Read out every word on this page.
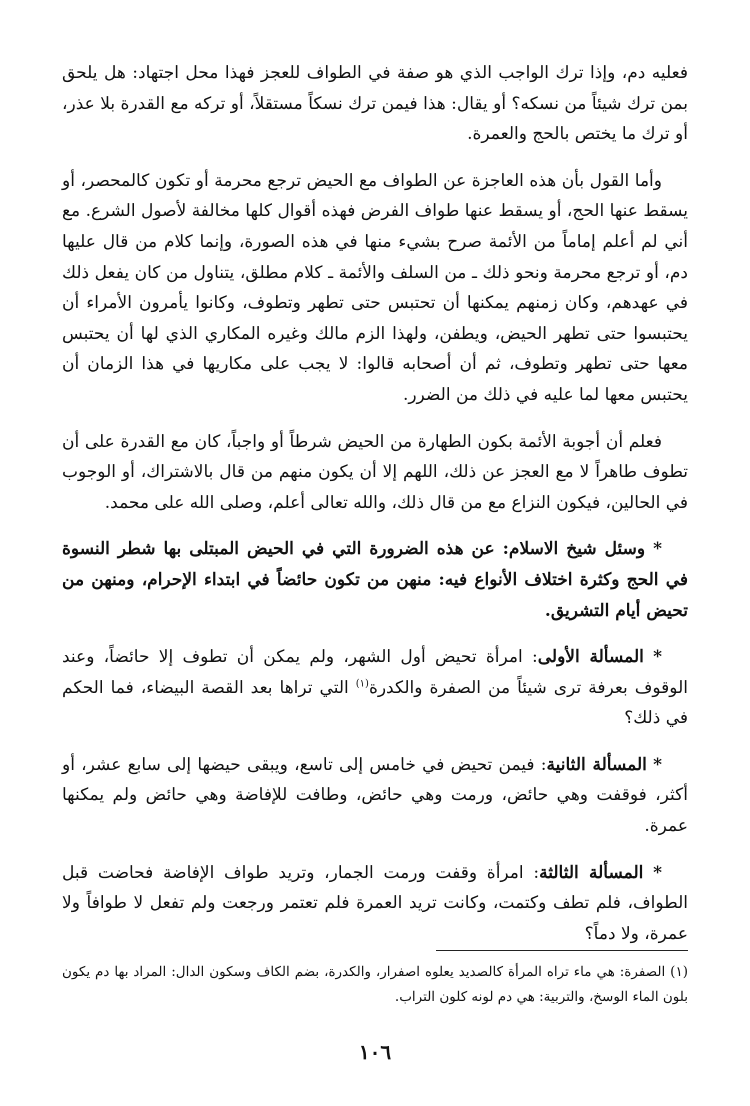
فعليه دم، وإذا ترك الواجب الذي هو صفة في الطواف للعجز فهذا محل اجتهاد: هل يلحق بمن ترك شيئاً من نسكه؟ أو يقال: هذا فيمن ترك نسكاً مستقلاً، أو تركه مع القدرة بلا عذر، أو ترك ما يختص بالحج والعمرة.

وأما القول بأن هذه العاجزة عن الطواف مع الحيض ترجع محرمة أو تكون كالمحصر، أو يسقط عنها الحج، أو يسقط عنها طواف الفرض فهذه أقوال كلها مخالفة لأصول الشرع. مع أني لم أعلم إماماً من الأئمة صرح بشيء منها في هذه الصورة، وإنما كلام من قال عليها دم، أو ترجع محرمة ونحو ذلك ـ من السلف والأئمة ـ كلام مطلق، يتناول من كان يفعل ذلك في عهدهم، وكان زمنهم يمكنها أن تحتبس حتى تطهر وتطوف، وكانوا يأمرون الأمراء أن يحتبسوا حتى تطهر الحيض، ويطفن، ولهذا الزم مالك وغيره المكاري الذي لها أن يحتبس معها حتى تطهر وتطوف، ثم أن أصحابه قالوا: لا يجب على مكاريها في هذا الزمان أن يحتبس معها لما عليه في ذلك من الضرر.

فعلم أن أجوبة الأئمة بكون الطهارة من الحيض شرطاً أو واجباً، كان مع القدرة على أن تطوف طاهراً لا مع العجز عن ذلك، اللهم إلا أن يكون منهم من قال بالاشتراك، أو الوجوب في الحالين، فيكون النزاع مع من قال ذلك، والله تعالى أعلم، وصلى الله على محمد.

* وسئل شيخ الاسلام: عن هذه الضرورة التي في الحيض المبتلى بها شطر النسوة في الحج وكثرة اختلاف الأنواع فيه: منهن من تكون حائضاً في ابتداء الإحرام، ومنهن من تحيض أيام التشريق.

* المسألة الأولى: امرأة تحيض أول الشهر، ولم يمكن أن تطوف إلا حائضاً، وعند الوقوف بعرفة ترى شيئاً من الصفرة والكدرة$^{(١)}$ التي تراها بعد القصة البيضاء، فما الحكم في ذلك؟

* المسألة الثانية: فيمن تحيض في خامس إلى تاسع، ويبقى حيضها إلى سابع عشر، أو أكثر، فوقفت وهي حائض، ورمت وهي حائض، وطافت للإفاضة وهي حائض ولم يمكنها عمرة.

* المسألة الثالثة: امرأة وقفت ورمت الجمار، وتريد طواف الإفاضة فحاضت قبل الطواف، فلم تطف وكتمت، وكانت تريد العمرة فلم تعتمر ورجعت ولم تفعل لا طوافاً ولا عمرة، ولا دماً؟

(١) الصفرة: هي ماء تراه المرأة كالصديد يعلوه اصفرار، والكدرة، بضم الكاف وسكون الدال: المراد بها دم يكون بلون الماء الوسخ، والتربية: هي دم لونه كلون التراب.

١٠٦
